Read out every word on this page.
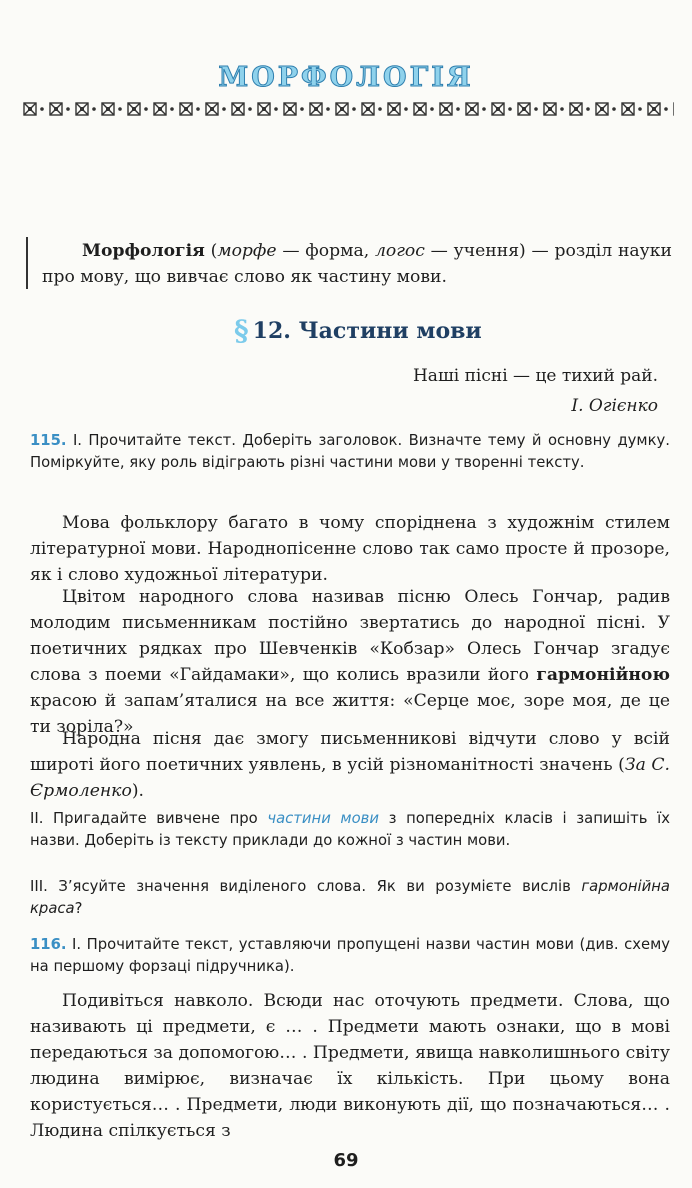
МОРФОЛОГІЯ

Морфологія (морфе — форма, логос — учення) — розділ науки про мову, що вивчає слово як частину мови.

§ 12. Частини мови
Наші пісні — це тихий рай.
І. Огієнко

115. І. Прочитайте текст. Доберіть заголовок. Визначте тему й основну думку. Поміркуйте, яку роль відіграють різні частини мови у творенні тексту.

Мова фольклору багато в чому споріднена з художнім стилем літературної мови. Народнопісенне слово так само просте й прозоре, як і слово художньої літератури.

Цвітом народного слова називав пісню Олесь Гончар, радив молодим письменникам постійно звертатись до народної пісні. У поетичних рядках про Шевченків «Кобзар» Олесь Гончар згадує слова з поеми «Гайдамаки», що колись вразили його гармонійною красою й запам’яталися на все життя: «Серце моє, зоре моя, де це ти зоріла?»

Народна пісня дає змогу письменникові відчути слово у всій широті його поетичних уявлень, в усій різноманітності значень (За С. Єрмоленко).

ІІ. Пригадайте вивчене про частини мови з попередніх класів і запишіть їх назви. Доберіть із тексту приклади до кожної з частин мови.

ІІІ. З’ясуйте значення виділеного слова. Як ви розумієте вислів гармонійна краса?

116. І. Прочитайте текст, уставляючи пропущені назви частин мови (див. схему на першому форзаці підручника).

Подивіться навколо. Всюди нас оточують предмети. Слова, що називають ці предмети, є … . Предмети мають ознаки, що в мові передаються за допомогою… . Предмети, явища навколишнього світу людина вимірює, визначає їх кількість. При цьому вона користується… . Предмети, люди виконують дії, що позначаються… . Людина спілкується з

69
